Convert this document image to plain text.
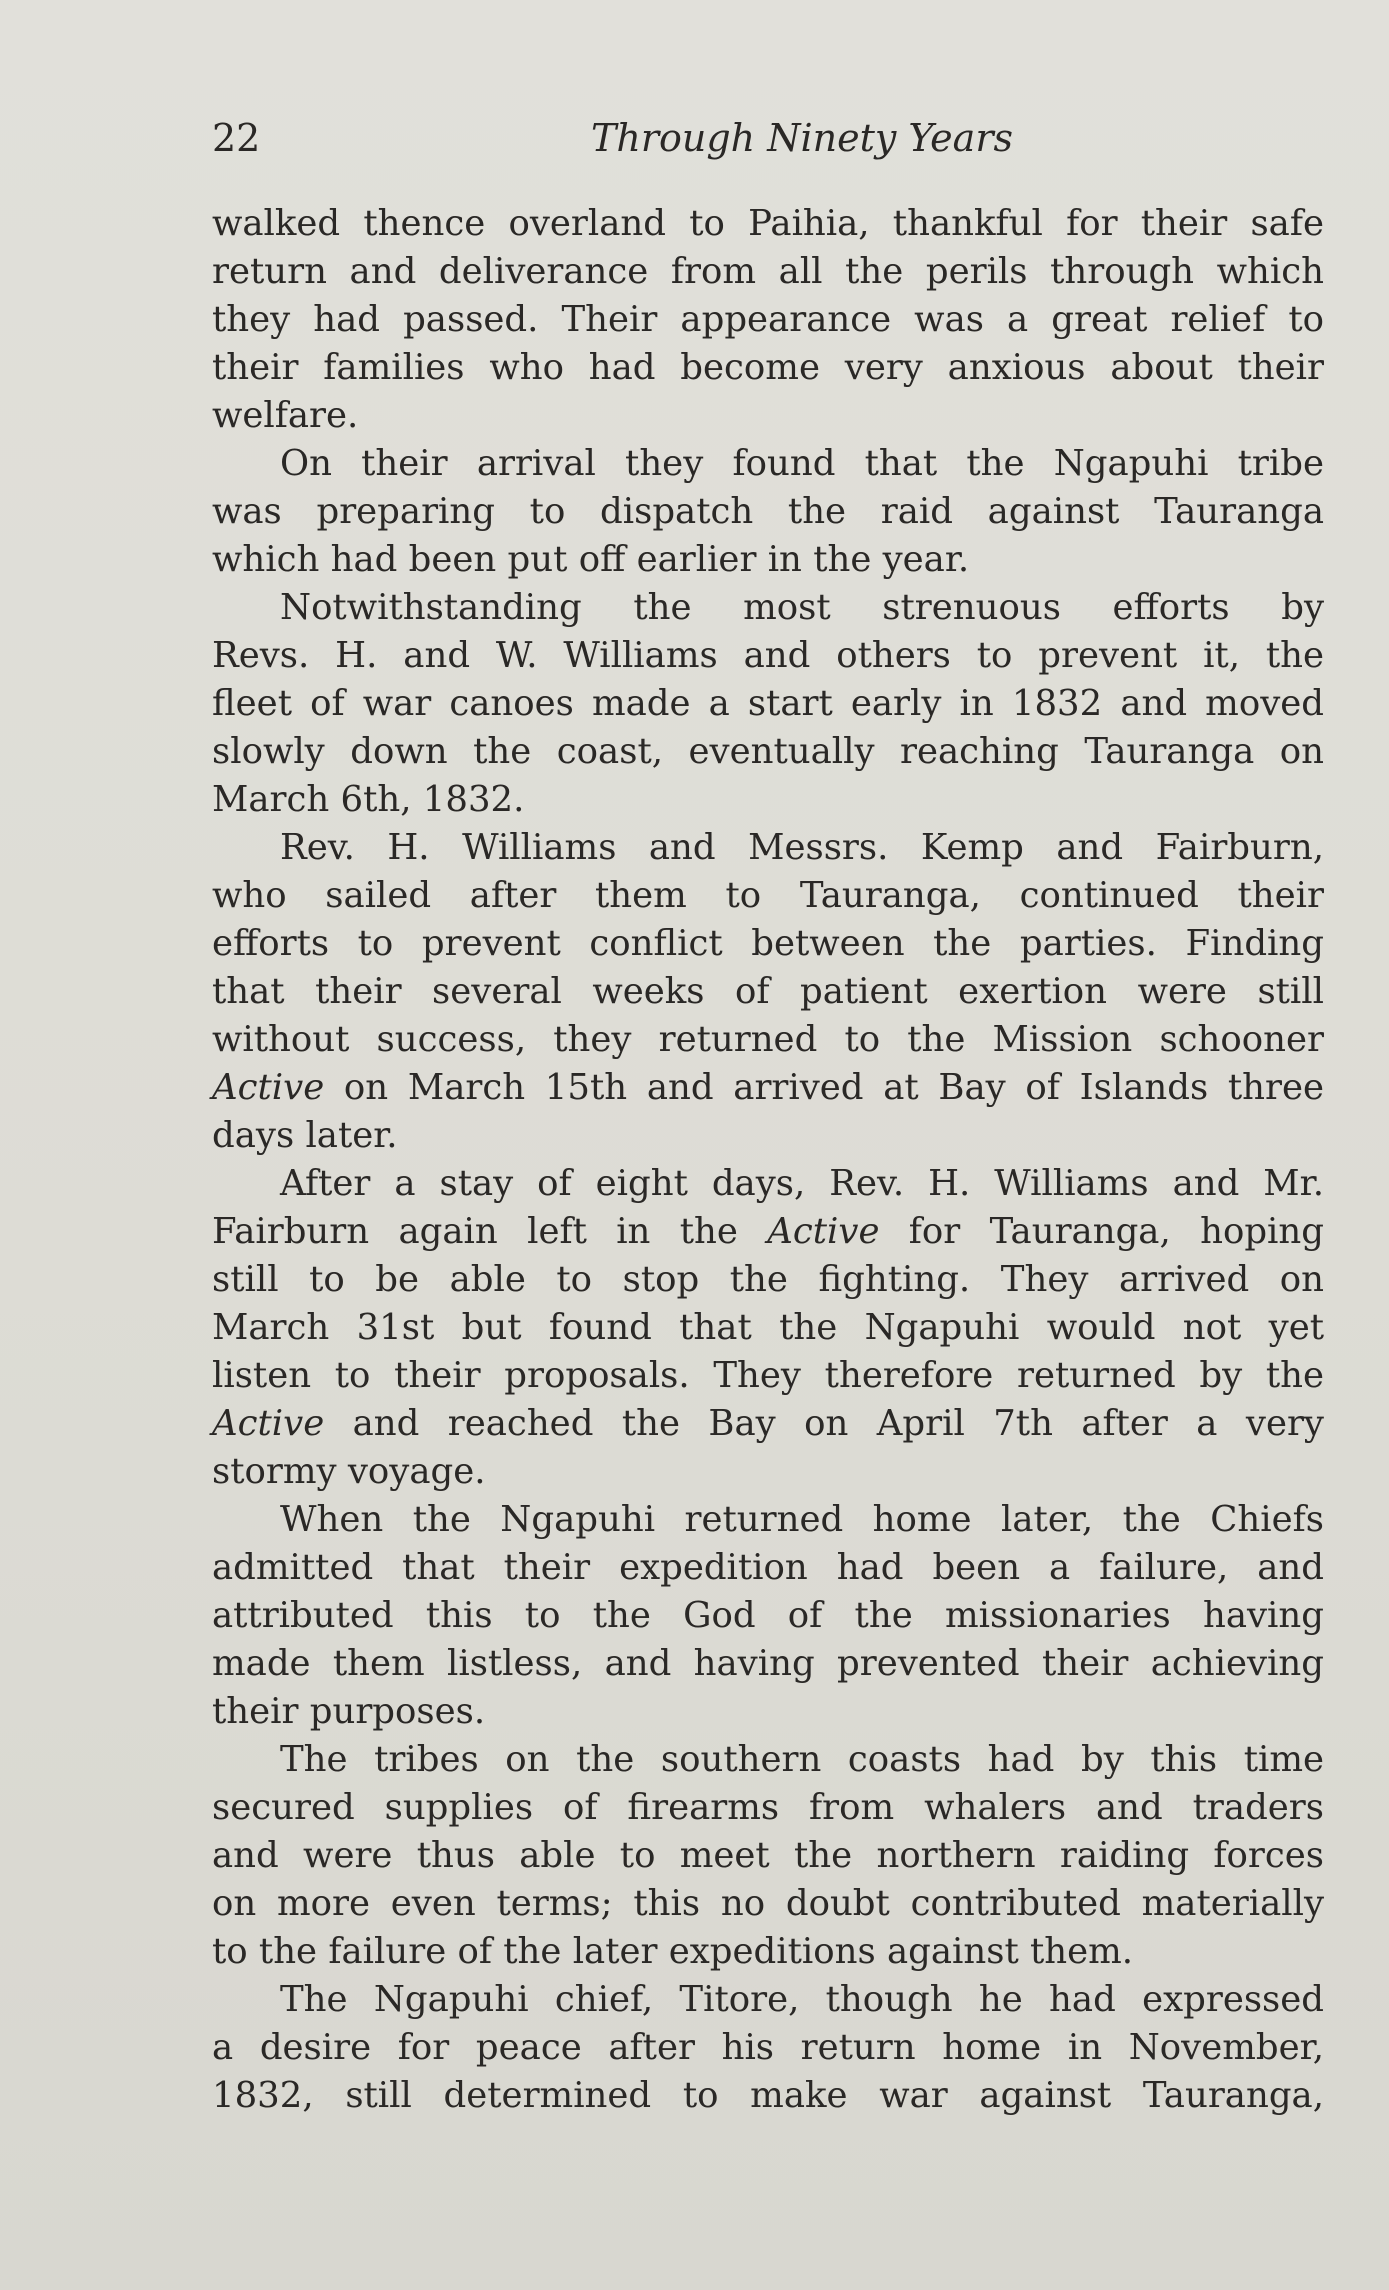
22	Through Ninety Years

walked thence overland to Paihia, thankful for their safe
return and deliverance from all the perils through which
they had passed. Their appearance was a great relief to
their families who had become very anxious about their
welfare.

On their arrival they found that the Ngapuhi tribe
was preparing to dispatch the raid against Tauranga
which had been put off earlier in the year.

Notwithstanding the most strenuous efforts by
Revs. H. and W. Williams and others to prevent it, the
fleet of war canoes made a start early in 1832 and moved
slowly down the coast, eventually reaching Tauranga on
March 6th, 1832.

Rev. H. Williams and Messrs. Kemp and Fairburn,
who sailed after them to Tauranga, continued their
efforts to prevent conflict between the parties. Finding
that their several weeks of patient exertion were still
without success, they returned to the Mission schooner
Active on March 15th and arrived at Bay of Islands three
days later.

After a stay of eight days, Rev. H. Williams and Mr.
Fairburn again left in the Active for Tauranga, hoping
still to be able to stop the fighting. They arrived on
March 31st but found that the Ngapuhi would not yet
listen to their proposals. They therefore returned by the
Active and reached the Bay on April 7th after a very
stormy voyage.

When the Ngapuhi returned home later, the Chiefs
admitted that their expedition had been a failure, and
attributed this to the God of the missionaries having
made them listless, and having prevented their achieving
their purposes.

The tribes on the southern coasts had by this time
secured supplies of firearms from whalers and traders
and were thus able to meet the northern raiding forces
on more even terms; this no doubt contributed materially
to the failure of the later expeditions against them.

The Ngapuhi chief, Titore, though he had expressed
a desire for peace after his return home in November,
1832, still determined to make war against Tauranga,
